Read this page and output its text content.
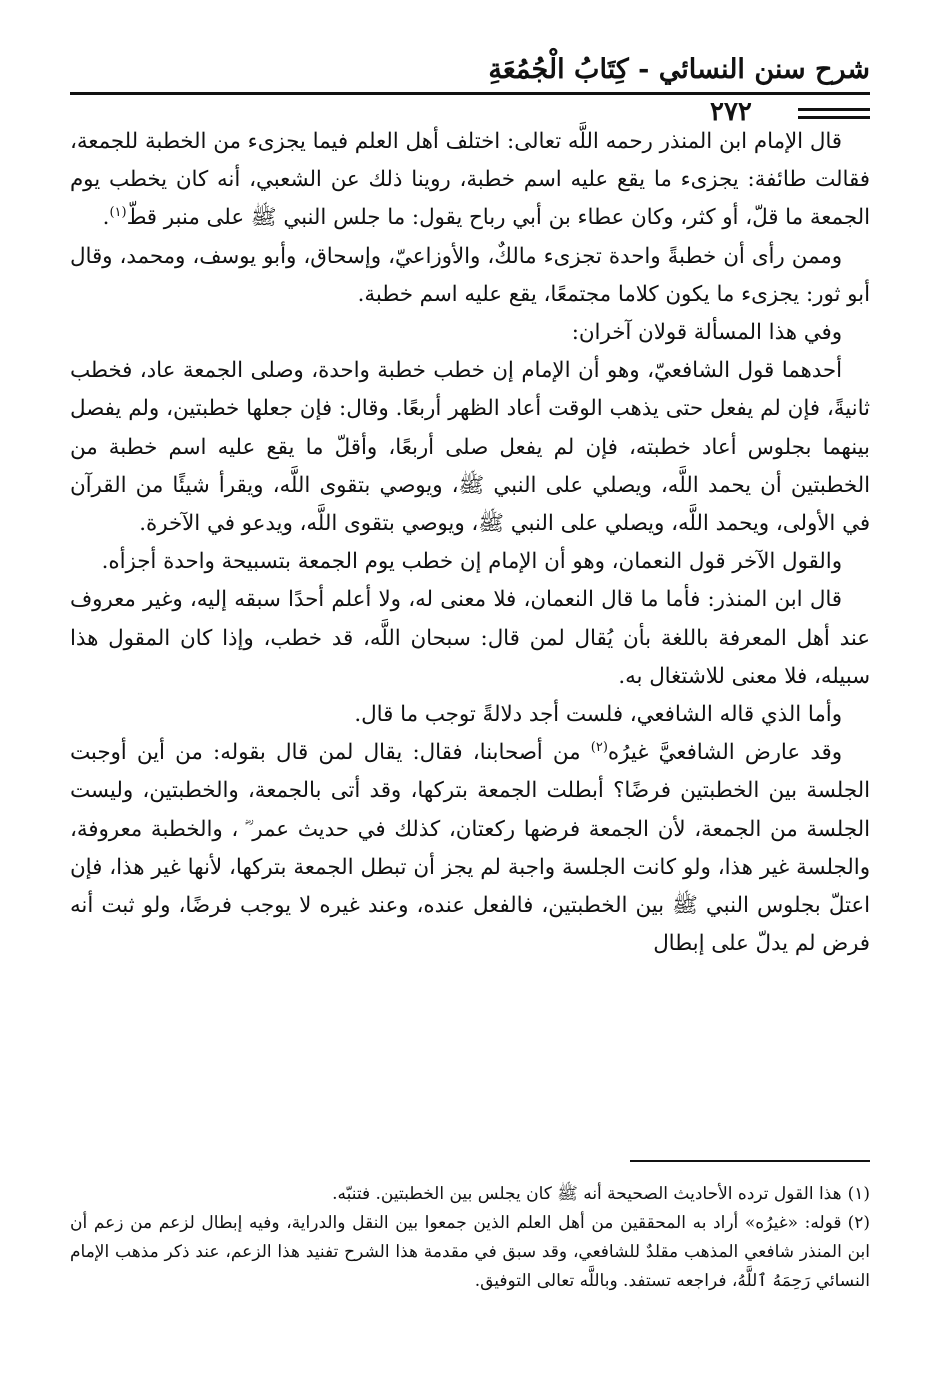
شرح سنن النسائي - كِتَابُ الْجُمُعَةِ
٢٧٢

قال الإمام ابن المنذر رحمه اللَّه تعالى: اختلف أهل العلم فيما يجزىء من الخطبة للجمعة، فقالت طائفة: يجزىء ما يقع عليه اسم خطبة، روينا ذلك عن الشعبي، أنه كان يخطب يوم الجمعة ما قلّ، أو كثر، وكان عطاء بن أبي رباح يقول: ما جلس النبي ﷺ على منبر قطّ$^{(١)}$.

وممن رأى أن خطبةً واحدة تجزىء مالكٌ، والأوزاعيّ، وإسحاق، وأبو يوسف، ومحمد، وقال أبو ثور: يجزىء ما يكون كلاما مجتمعًا، يقع عليه اسم خطبة.

وفي هذا المسألة قولان آخران:

أحدهما قول الشافعيّ، وهو أن الإمام إن خطب خطبة واحدة، وصلى الجمعة عاد، فخطب ثانيةً، فإن لم يفعل حتى يذهب الوقت أعاد الظهر أربعًا. وقال: فإن جعلها خطبتين، ولم يفصل بينهما بجلوس أعاد خطبته، فإن لم يفعل صلى أربعًا، وأقلّ ما يقع عليه اسم خطبة من الخطبتين أن يحمد اللَّه، ويصلي على النبي ﷺ، ويوصي بتقوى اللَّه، ويقرأ شيئًا من القرآن في الأولى، ويحمد اللَّه، ويصلي على النبي ﷺ، ويوصي بتقوى اللَّه، ويدعو في الآخرة.

والقول الآخر قول النعمان، وهو أن الإمام إن خطب يوم الجمعة بتسبيحة واحدة أجزأه.

قال ابن المنذر: فأما ما قال النعمان، فلا معنى له، ولا أعلم أحدًا سبقه إليه، وغير معروف عند أهل المعرفة باللغة بأن يُقال لمن قال: سبحان اللَّه، قد خطب، وإذا كان المقول هذا سبيله، فلا معنى للاشتغال به.

وأما الذي قاله الشافعي، فلست أجد دلالةً توجب ما قال.

وقد عارض الشافعيَّ غيرُه$^{(٢)}$ من أصحابنا، فقال: يقال لمن قال بقوله: من أين أوجبت الجلسة بين الخطبتين فرضًا؟ أبطلت الجمعة بتركها، وقد أتى بالجمعة، والخطبتين، وليست الجلسة من الجمعة، لأن الجمعة فرضها ركعتان، كذلك في حديث عمر ؓ ، والخطبة معروفة، والجلسة غير هذا، ولو كانت الجلسة واجبة لم يجز أن تبطل الجمعة بتركها، لأنها غير هذا، فإن اعتلّ بجلوس النبي ﷺ بين الخطبتين، فالفعل عنده، وعند غيره لا يوجب فرضًا، ولو ثبت أنه فرض لم يدلّ على إبطال

(١)هذا القول ترده الأحاديث الصحيحة أنه ﷺ كان يجلس بين الخطبتين. فتنبّه.

(٢)قوله: «غيرُه» أراد به المحققين من أهل العلم الذين جمعوا بين النقل والدراية، وفيه إبطال لزعم من زعم أن ابن المنذر شافعي المذهب مقلدٌ للشافعي، وقد سبق في مقدمة هذا الشرح تفنيد هذا الزعم، عند ذكر مذهب الإمام النسائي رَحِمَهُ ٱللَّهُ، فراجعه تستفد. وباللَّه تعالى التوفيق.
